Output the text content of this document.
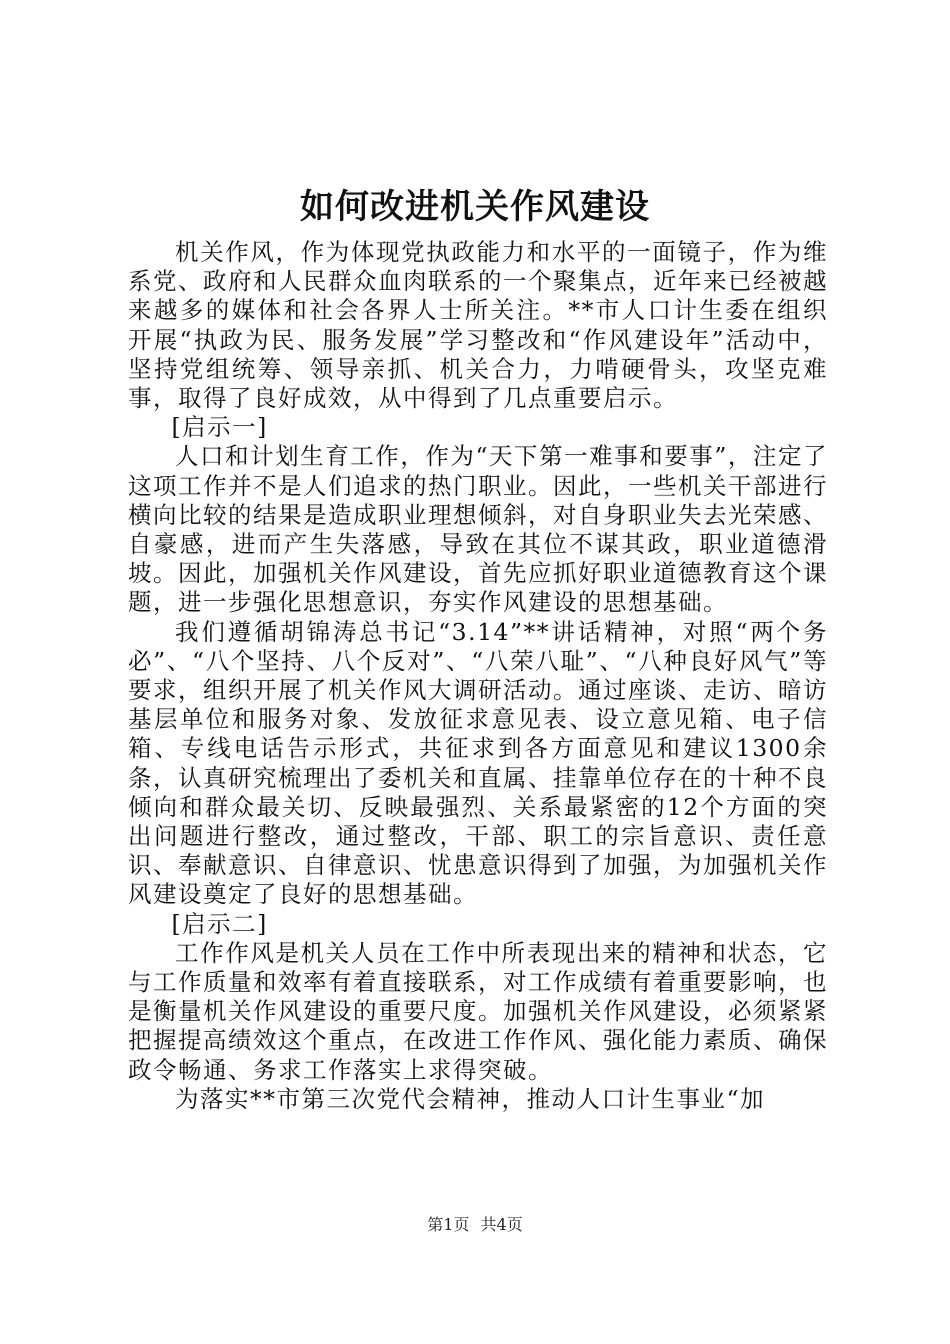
如何改进机关作风建设

机关作风，作为体现党执政能力和水平的一面镜子，作为维系党、政府和人民群众血肉联系的一个聚集点，近年来已经被越来越多的媒体和社会各界人士所关注。**市人口计生委在组织开展“执政为民、服务发展”学习整改和“作风建设年”活动中，坚持党组统筹、领导亲抓、机关合力，力啃硬骨头，攻坚克难事，取得了良好成效，从中得到了几点重要启示。

[启示一]

人口和计划生育工作，作为“天下第一难事和要事”，注定了这项工作并不是人们追求的热门职业。因此，一些机关干部进行横向比较的结果是造成职业理想倾斜，对自身职业失去光荣感、自豪感，进而产生失落感，导致在其位不谋其政，职业道德滑坡。因此，加强机关作风建设，首先应抓好职业道德教育这个课题，进一步强化思想意识，夯实作风建设的思想基础。

我们遵循胡锦涛总书记“3.14”**讲话精神，对照“两个务必”、“八个坚持、八个反对”、“八荣八耻”、“八种良好风气”等要求，组织开展了机关作风大调研活动。通过座谈、走访、暗访基层单位和服务对象、发放征求意见表、设立意见箱、电子信箱、专线电话告示形式，共征求到各方面意见和建议1300余条，认真研究梳理出了委机关和直属、挂靠单位存在的十种不良倾向和群众最关切、反映最强烈、关系最紧密的12个方面的突出问题进行整改，通过整改，干部、职工的宗旨意识、责任意识、奉献意识、自律意识、忧患意识得到了加强，为加强机关作风建设奠定了良好的思想基础。

[启示二]

工作作风是机关人员在工作中所表现出来的精神和状态，它与工作质量和效率有着直接联系，对工作成绩有着重要影响，也是衡量机关作风建设的重要尺度。加强机关作风建设，必须紧紧把握提高绩效这个重点，在改进工作作风、强化能力素质、确保政令畅通、务求工作落实上求得突破。

为落实**市第三次党代会精神，推动人口计生事业“加

第1页 共4页
